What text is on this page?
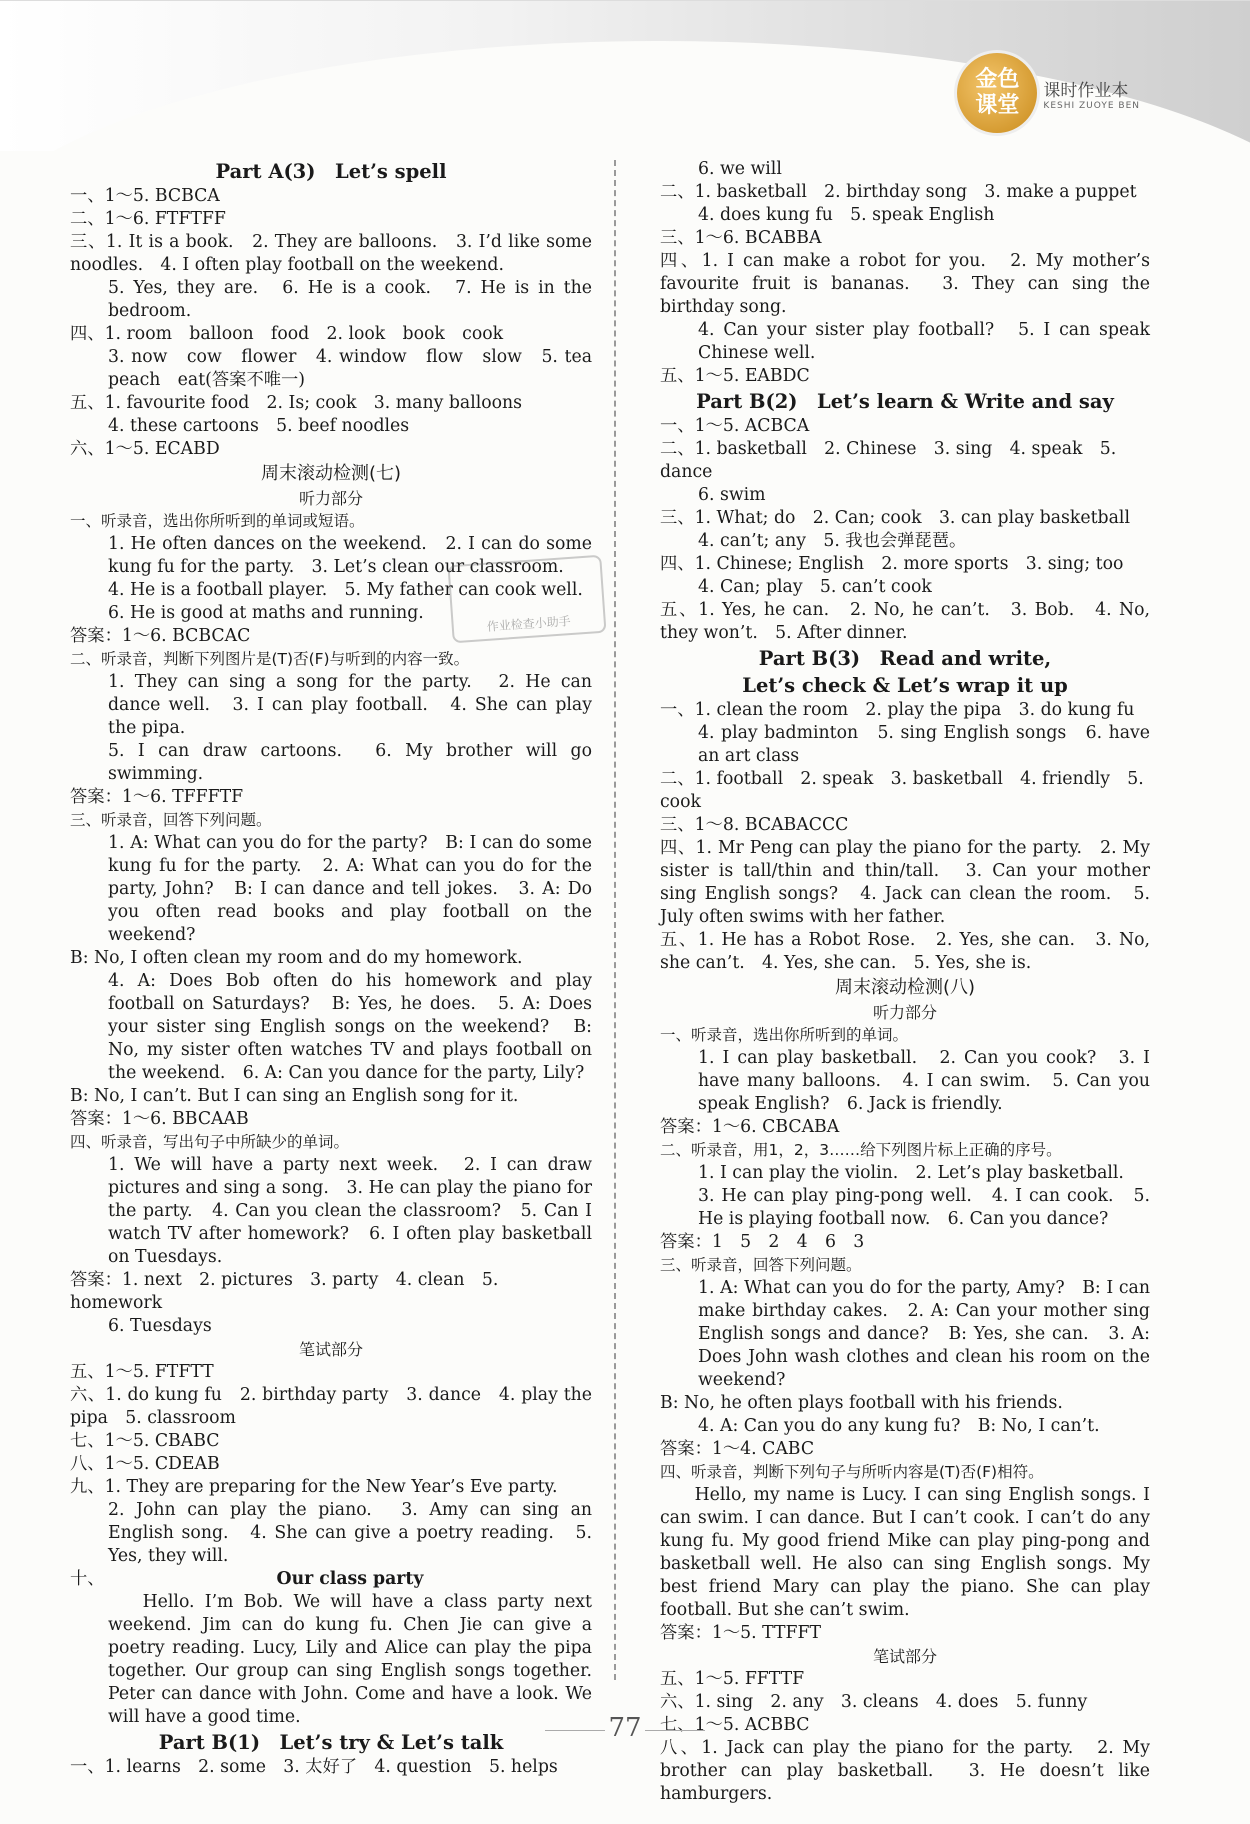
金色
课堂
课时作业本
KESHI ZUOYE BEN
Part A(3)　Let’s spell
一、1～5. BCBCA
二、1～6. FTFTFF
三、1. It is a book.　2. They are balloons.　3. I’d like some noodles.　4. I often play football on the weekend.
5. Yes, they are.　6. He is a cook.　7. He is in the bedroom.
四、1. room　balloon　food　2. look　book　cook
3. now　cow　flower　4. window　flow　slow　5. tea peach　eat(答案不唯一)
五、1. favourite food　2. Is; cook　3. many balloons
4. these cartoons　5. beef noodles
六、1～5. ECABD
周末滚动检测(七)
听力部分
一、听录音，选出你所听到的单词或短语。
1. He often dances on the weekend.　2. I can do some kung fu for the party.　3. Let’s clean our classroom.
4. He is a football player.　5. My father can cook well.
6. He is good at maths and running.
答案：1～6. BCBCAC
二、听录音，判断下列图片是(T)否(F)与听到的内容一致。
1. They can sing a song for the party.　2. He can dance well.　3. I can play football.　4. She can play the pipa.
5. I can draw cartoons.　6. My brother will go swimming.
答案：1～6. TFFFTF
三、听录音，回答下列问题。
1. A: What can you do for the party?　B: I can do some kung fu for the party.　2. A: What can you do for the party, John?　B: I can dance and tell jokes.　3. A: Do you often read books and play football on the weekend?
B: No, I often clean my room and do my homework.
4. A: Does Bob often do his homework and play football on Saturdays?　B: Yes, he does.　5. A: Does your sister sing English songs on the weekend?　B: No, my sister often watches TV and plays football on the weekend.　6. A: Can you dance for the party, Lily?
B: No, I can’t. But I can sing an English song for it.
答案：1～6. BBCAAB
四、听录音，写出句子中所缺少的单词。
1. We will have a party next week.　2. I can draw pictures and sing a song.　3. He can play the piano for the party.　4. Can you clean the classroom?　5. Can I watch TV after homework?　6. I often play basketball on Tuesdays.
答案：1. next　2. pictures　3. party　4. clean　5. homework
6. Tuesdays
笔试部分
五、1～5. FTFTT
六、1. do kung fu　2. birthday party　3. dance　4. play the pipa　5. classroom
七、1～5. CBABC
八、1～5. CDEAB
九、1. They are preparing for the New Year’s Eve party.
2. John can play the piano.　3. Amy can sing an English song.　4. She can give a poetry reading.　5. Yes, they will.
十、	Our class party
Hello. I’m Bob. We will have a class party next weekend. Jim can do kung fu. Chen Jie can give a poetry reading. Lucy, Lily and Alice can play the pipa together. Our group can sing English songs together. Peter can dance with John. Come and have a look. We will have a good time.
Part B(1)　Let’s try & Let’s talk
一、1. learns　2. some　3. 太好了　4. question　5. helps
6. we will
二、1. basketball　2. birthday song　3. make a puppet
4. does kung fu　5. speak English
三、1～6. BCABBA
四、1. I can make a robot for you.　2. My mother’s favourite fruit is bananas.　3. They can sing the birthday song.
4. Can your sister play football?　5. I can speak Chinese well.
五、1～5. EABDC
Part B(2)　Let’s learn & Write and say
一、1～5. ACBCA
二、1. basketball　2. Chinese　3. sing　4. speak　5. dance
6. swim
三、1. What; do　2. Can; cook　3. can play basketball
4. can’t; any　5. 我也会弹琵琶。
四、1. Chinese; English　2. more sports　3. sing; too
4. Can; play　5. can’t cook
五、1. Yes, he can.　2. No, he can’t.　3. Bob.　4. No, they won’t.　5. After dinner.
Part B(3)　Read and write,
Let’s check & Let’s wrap it up
一、1. clean the room　2. play the pipa　3. do kung fu
4. play badminton　5. sing English songs　6. have an art class
二、1. football　2. speak　3. basketball　4. friendly　5. cook
三、1～8. BCABACCC
四、1. Mr Peng can play the piano for the party.　2. My sister is tall/thin and thin/tall.　3. Can your mother sing English songs?　4. Jack can clean the room.　5. July often swims with her father.
五、1. He has a Robot Rose.　2. Yes, she can.　3. No, she can’t.　4. Yes, she can.　5. Yes, she is.
周末滚动检测(八)
听力部分
一、听录音，选出你所听到的单词。
1. I can play basketball.　2. Can you cook?　3. I have many balloons.　4. I can swim.　5. Can you speak English?　6. Jack is friendly.
答案：1～6. CBCABA
二、听录音，用1，2，3……给下列图片标上正确的序号。
1. I can play the violin.　2. Let’s play basketball.
3. He can play ping-pong well.　4. I can cook.　5. He is playing football now.　6. Can you dance?
答案：1　5　2　4　6　3
三、听录音，回答下列问题。
1. A: What can you do for the party, Amy?　B: I can make birthday cakes.　2. A: Can your mother sing English songs and dance?　B: Yes, she can.　3. A: Does John wash clothes and clean his room on the weekend?
B: No, he often plays football with his friends.
4. A: Can you do any kung fu?　B: No, I can’t.
答案：1～4. CABC
四、听录音，判断下列句子与所听内容是(T)否(F)相符。
Hello, my name is Lucy. I can sing English songs. I can swim. I can dance. But I can’t cook. I can’t do any kung fu. My good friend Mike can play ping-pong and basketball well. He also can sing English songs. My best friend Mary can play the piano. She can play football. But she can’t swim.
答案：1～5. TTFFT
笔试部分
五、1～5. FFTTF
六、1. sing　2. any　3. cleans　4. does　5. funny
七、1～5. ACBBC
八、1. Jack can play the piano for the party.　2. My brother can play basketball.　3. He doesn’t like hamburgers.
作业检查小助手
77
